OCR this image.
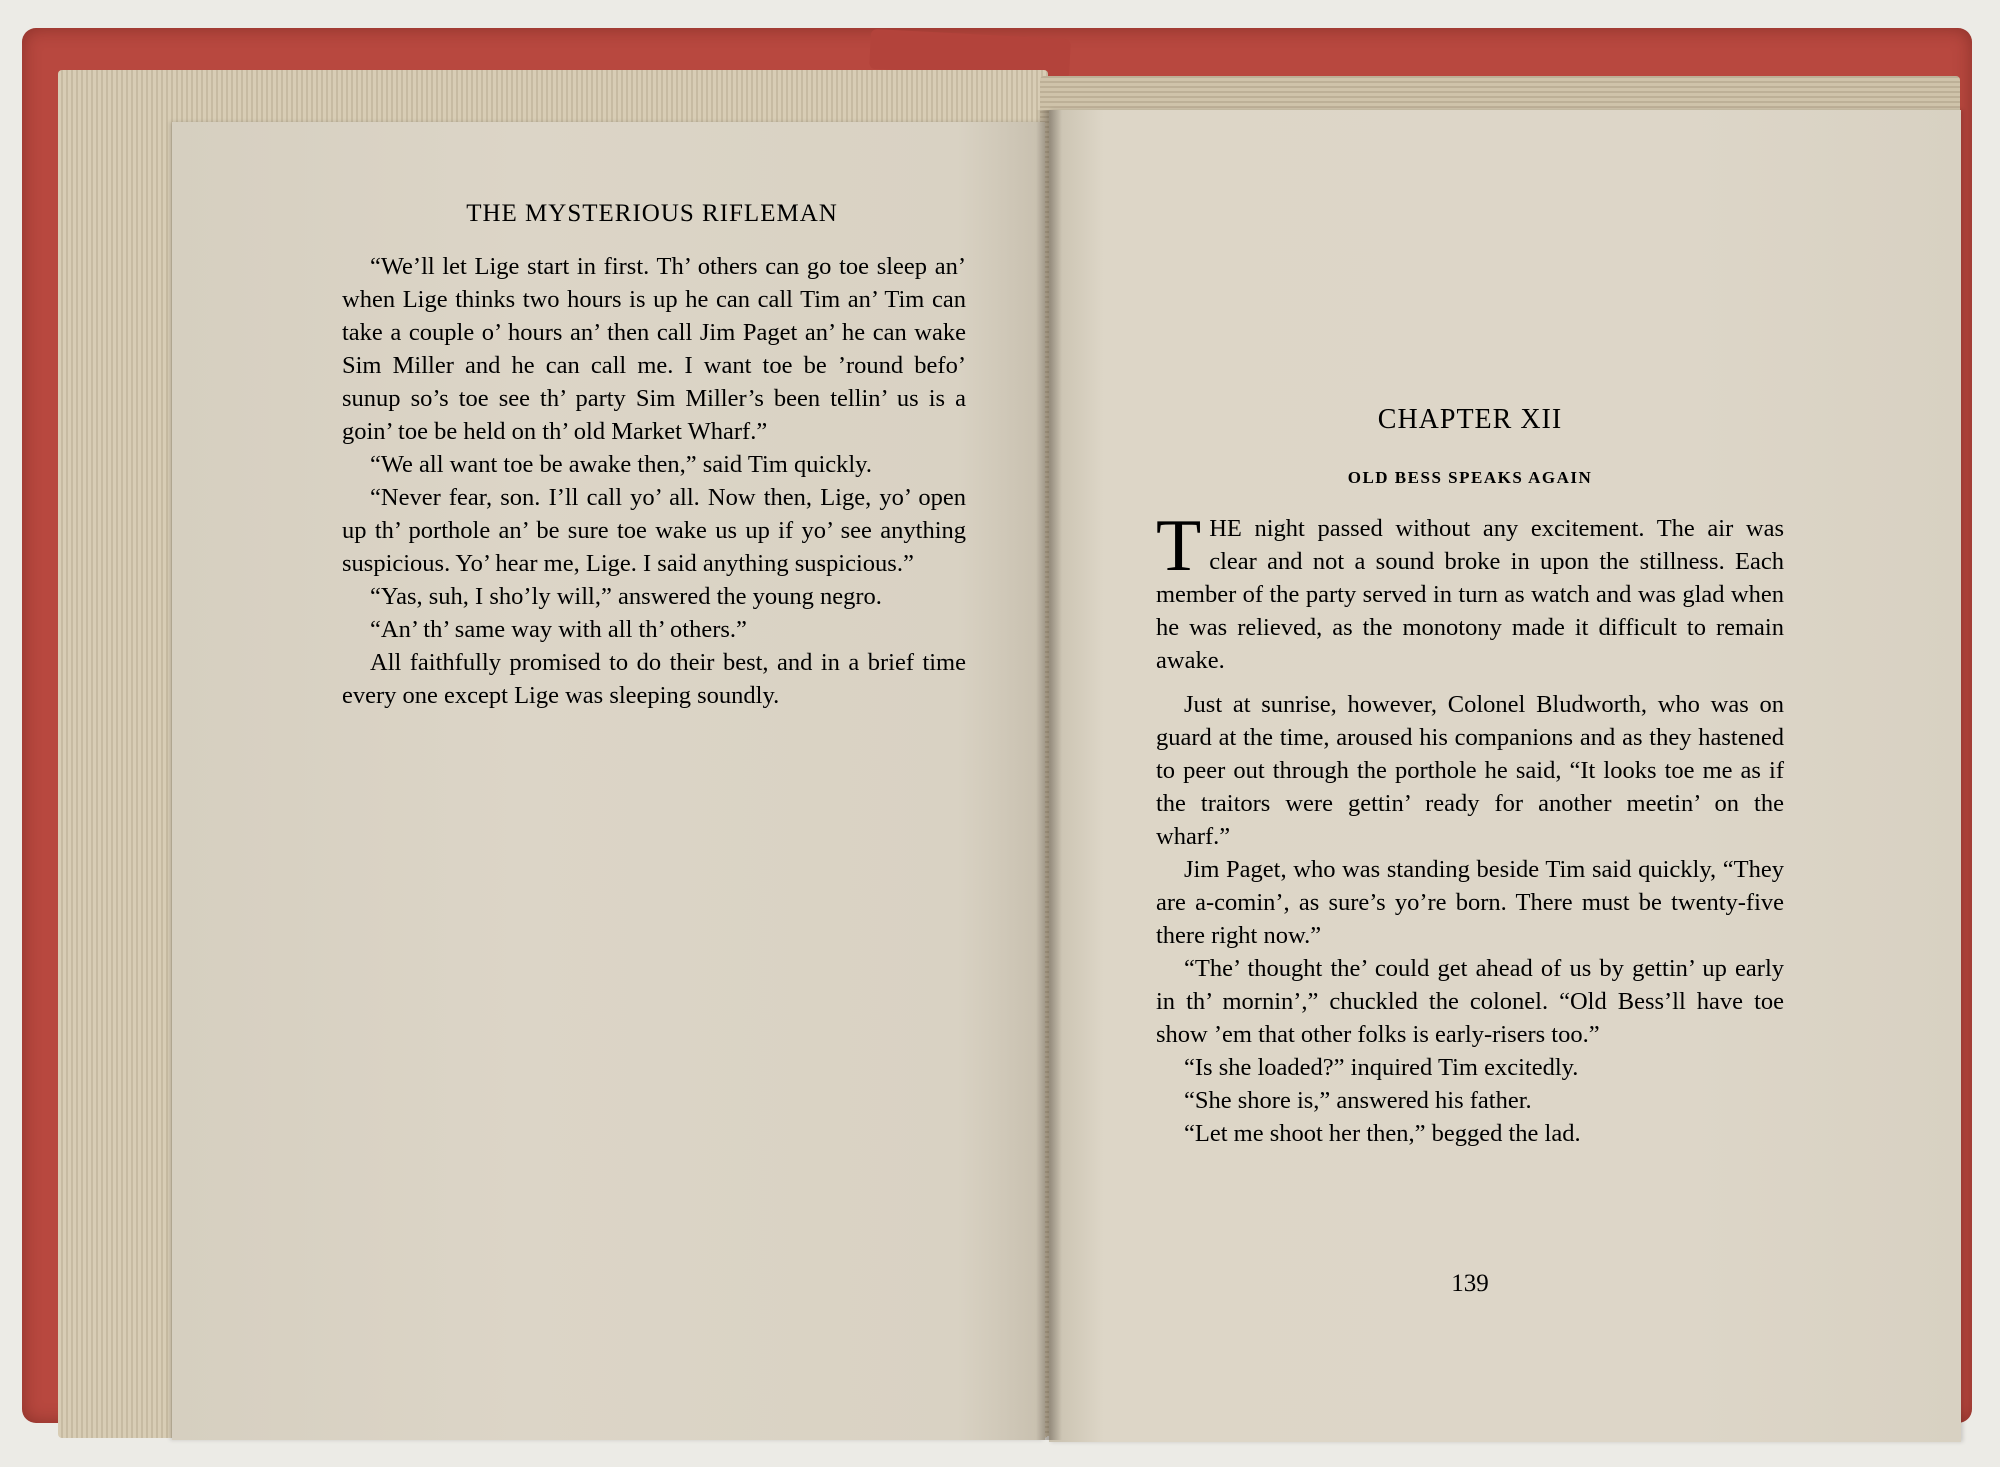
THE MYSTERIOUS RIFLEMAN

“We’ll let Lige start in first. Th’ others can go toe sleep an’ when Lige thinks two hours is up he can call Tim an’ Tim can take a couple o’ hours an’ then call Jim Paget an’ he can wake Sim Miller and he can call me. I want toe be ’round befo’ sunup so’s toe see th’ party Sim Miller’s been tellin’ us is a goin’ toe be held on th’ old Market Wharf.”

“We all want toe be awake then,” said Tim quickly.

“Never fear, son. I’ll call yo’ all. Now then, Lige, yo’ open up th’ porthole an’ be sure toe wake us up if yo’ see anything suspicious. Yo’ hear me, Lige. I said anything suspicious.”

“Yas, suh, I sho’ly will,” answered the young negro.

“An’ th’ same way with all th’ others.”

All faithfully promised to do their best, and in a brief time every one except Lige was sleeping soundly.

CHAPTER XII
OLD BESS SPEAKS AGAIN
THE night passed without any excitement. The air was clear and not a sound broke in upon the stillness. Each member of the party served in turn as watch and was glad when he was relieved, as the monotony made it difficult to remain awake.

Just at sunrise, however, Colonel Bludworth, who was on guard at the time, aroused his companions and as they hastened to peer out through the porthole he said, “It looks toe me as if the traitors were gettin’ ready for another meetin’ on the wharf.”

Jim Paget, who was standing beside Tim said quickly, “They are a-comin’, as sure’s yo’re born. There must be twenty-five there right now.”

“The’ thought the’ could get ahead of us by gettin’ up early in th’ mornin’,” chuckled the colonel. “Old Bess’ll have toe show ’em that other folks is early-risers too.”

“Is she loaded?” inquired Tim excitedly.

“She shore is,” answered his father.

“Let me shoot her then,” begged the lad.

139
